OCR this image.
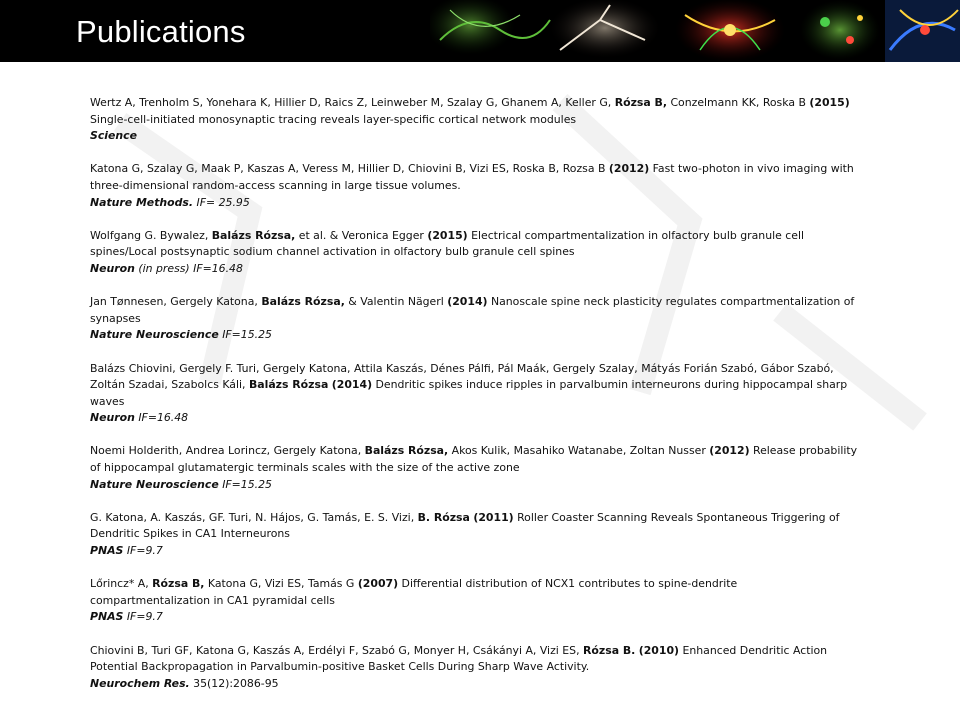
Publications

Wertz A, Trenholm S, Yonehara K, Hillier D, Raics Z, Leinweber M, Szalay G, Ghanem A, Keller G, Rózsa B, Conzelmann KK, Roska B (2015)

Single-cell-initiated monosynaptic tracing reveals layer-specific cortical network modules

Science

Katona G, Szalay G, Maak P, Kaszas A, Veress M, Hillier D, Chiovini B, Vizi ES, Roska B, Rozsa B (2012) Fast two-photon in vivo imaging with

three-dimensional random-access scanning in large tissue volumes.

Nature Methods. IF= 25.95

Wolfgang G. Bywalez, Balázs Rózsa, et al. & Veronica Egger (2015) Electrical compartmentalization in olfactory bulb granule cell

spines/Local postsynaptic sodium channel activation in olfactory bulb granule cell spines

Neuron (in press) IF=16.48

Jan Tønnesen, Gergely Katona, Balázs Rózsa, & Valentin Nägerl (2014) Nanoscale spine neck plasticity regulates compartmentalization of

synapses

Nature Neuroscience IF=15.25

Balázs Chiovini, Gergely F. Turi, Gergely Katona, Attila Kaszás, Dénes Pálfi, Pál Maák, Gergely Szalay, Mátyás Forián Szabó, Gábor Szabó,

Zoltán Szadai, Szabolcs Káli, Balázs Rózsa (2014) Dendritic spikes induce ripples in parvalbumin interneurons during hippocampal sharp

waves

Neuron IF=16.48

Noemi Holderith, Andrea Lorincz, Gergely Katona, Balázs Rózsa, Akos Kulik, Masahiko Watanabe, Zoltan Nusser (2012) Release probability

of hippocampal glutamatergic terminals scales with the size of the active zone

Nature Neuroscience IF=15.25

G. Katona, A. Kaszás, GF. Turi, N. Hájos, G. Tamás, E. S. Vizi, B. Rózsa (2011) Roller Coaster Scanning Reveals Spontaneous Triggering of

Dendritic Spikes in CA1 Interneurons

PNAS IF=9.7

Lőrincz* A, Rózsa B, Katona G, Vizi ES, Tamás G (2007) Differential distribution of NCX1 contributes to spine-dendrite

compartmentalization in CA1 pyramidal cells

PNAS IF=9.7

Chiovini B, Turi GF, Katona G, Kaszás A, Erdélyi F, Szabó G, Monyer H, Csákányi A, Vizi ES, Rózsa B. (2010) Enhanced Dendritic Action

Potential Backpropagation in Parvalbumin-positive Basket Cells During Sharp Wave Activity.

Neurochem Res. 35(12):2086-95
